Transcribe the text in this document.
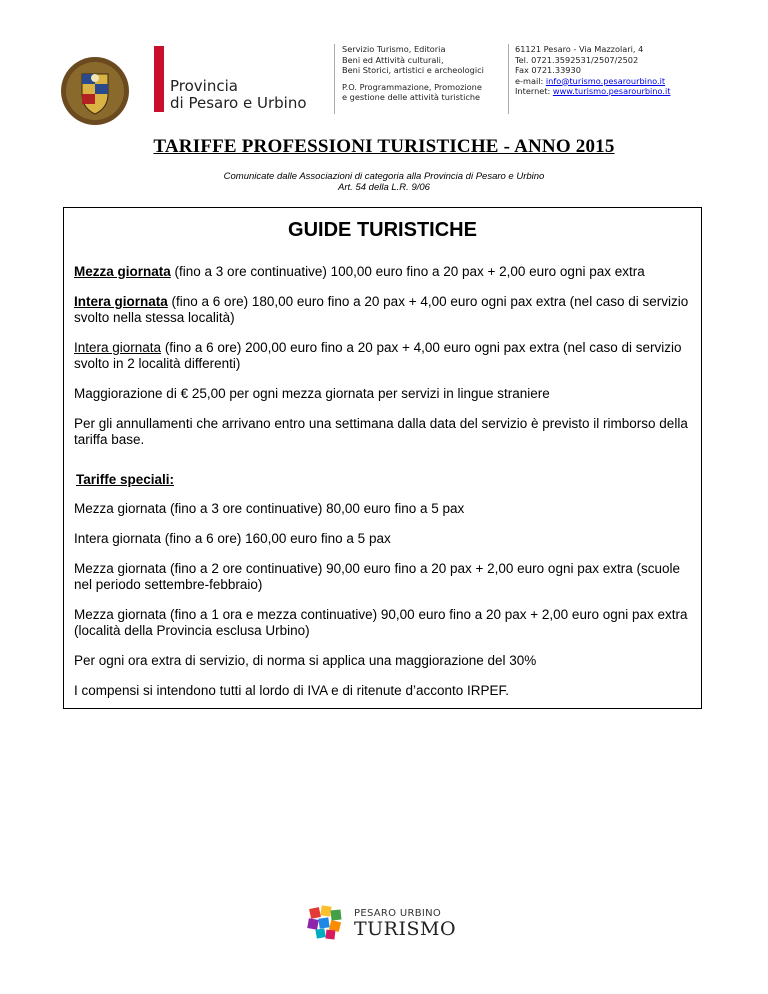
Provincia
di Pesaro e Urbino
Servizio Turismo, Editoria
Beni ed Attività culturali,
Beni Storici, artistici e archeologici
P.O. Programmazione, Promozione
e gestione delle attività turistiche
61121 Pesaro - Via Mazzolari, 4
Tel. 0721.3592531/2507/2502
Fax 0721.33930
e-mail: info@turismo.pesarourbino.it
Internet: www.turismo.pesarourbino.it
TARIFFE PROFESSIONI TURISTICHE - ANNO 2015
Comunicate dalle Associazioni di categoria alla Provincia di Pesaro e Urbino
Art. 54 della L.R. 9/06
GUIDE TURISTICHE

Mezza giornata (fino a 3 ore continuative) 100,00 euro fino a 20 pax + 2,00 euro ogni pax extra

Intera giornata (fino a 6 ore) 180,00 euro fino a 20 pax + 4,00 euro ogni pax extra (nel caso di servizio svolto nella stessa località)

Intera giornata (fino a 6 ore) 200,00 euro fino a 20 pax + 4,00 euro ogni pax extra (nel caso di servizio svolto in 2 località differenti)

Maggiorazione di € 25,00 per ogni mezza giornata per servizi in lingue straniere

Per gli annullamenti che arrivano entro una settimana dalla data del servizio è previsto il rimborso della tariffa base.

Tariffe speciali:

Mezza giornata (fino a 3 ore continuative) 80,00 euro fino a 5 pax

Intera giornata (fino a 6 ore) 160,00 euro fino a 5 pax

Mezza giornata (fino a 2 ore continuative) 90,00 euro fino a 20 pax + 2,00 euro ogni pax extra (scuole nel periodo settembre-febbraio)

Mezza giornata (fino a 1 ora e mezza continuative) 90,00 euro fino a 20 pax + 2,00 euro ogni pax extra (località della Provincia esclusa Urbino)

Per ogni ora extra di servizio, di norma si applica una maggiorazione del 30%

I compensi si intendono tutti al lordo di IVA e di ritenute d’acconto IRPEF.

PESARO URBINO
TURISMO
